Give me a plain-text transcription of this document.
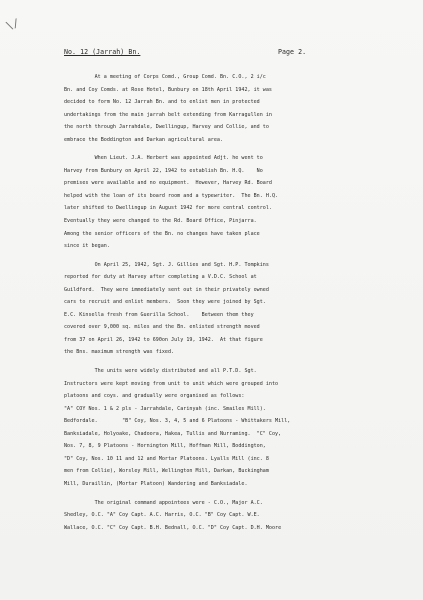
\/
No. 12 (Jarrah) Bn.	Page 2.
At a meeting of Corps Comd., Group Comd. Bn. C.O., 2 i/c
Bn. and Coy Comds. at Rose Hotel, Bunbury on 18th April 1942, it was
decided to form No. 12 Jarrah Bn. and to enlist men in protected
undertakings from the main jarrah belt extending from Karragullen in
the north through Jarrahdale, Dwellingup, Harvey and Collie, and to
embrace the Boddington and Darkan agricultural area.
When Lieut. J.A. Herbert was appointed Adjt. he went to
Harvey from Bunbury on April 22, 1942 to establish Bn. H.Q.    No
premises were available and no equipment.  However, Harvey Rd. Board
helped with the loan of its board room and a typewriter.  The Bn. H.Q.
later shifted to Dwellingup in August 1942 for more central control.
Eventually they were changed to the Rd. Board Office, Pinjarra.
Among the senior officers of the Bn. no changes have taken place
since it began.
On April 25, 1942, Sgt. J. Gillies and Sgt. H.P. Tompkins
reported for duty at Harvey after completing a V.D.C. School at
Guildford.  They were immediately sent out in their privately owned
cars to recruit and enlist members.  Soon they were joined by Sgt.
E.C. Kinsella fresh from Guerilla School.    Between them they
covered over 9,000 sq. miles and the Bn. enlisted strength moved
from 37 on April 26, 1942 to 690on July 19, 1942.  At that figure
the Bns. maximum strength was fixed.
The units were widely distributed and all P.T.D. Sgt.
Instructors were kept moving from unit to unit which were grouped into
platoons and coys. and gradually were organised as follows:
"A" COY Nos. 1 & 2 pls - Jarrahdale, Carinyah (inc. Smailes Mill).
Bedfordale.        "B" Coy, Nos. 3, 4, 5 and 6 Platoons - Whittakers Mill,
Banksiadale, Holyoake, Chadoora, Hakea, Tullis and Nurraming.  "C" Coy,
Nos. 7, 8, 9 Platoons - Hornington Mill, Hoffman Mill, Boddington,
"D" Coy, Nos. 10 11 and 12 and Mortar Platoons. Lyalls Mill (inc. 8
men from Collie), Worsley Mill, Wellington Mill, Darkan, Buckingham
Mill, Duraillin, (Mortar Platoon) Wandering and Banksiadale.
The original command appointees were - C.O., Major A.C.
Shedley, O.C. "A" Coy Capt. A.C. Harris, O.C. "B" Coy Capt. W.E.
Wallace, O.C. "C" Coy Capt. B.H. Bednall, O.C. "D" Coy Capt. D.H. Moore
